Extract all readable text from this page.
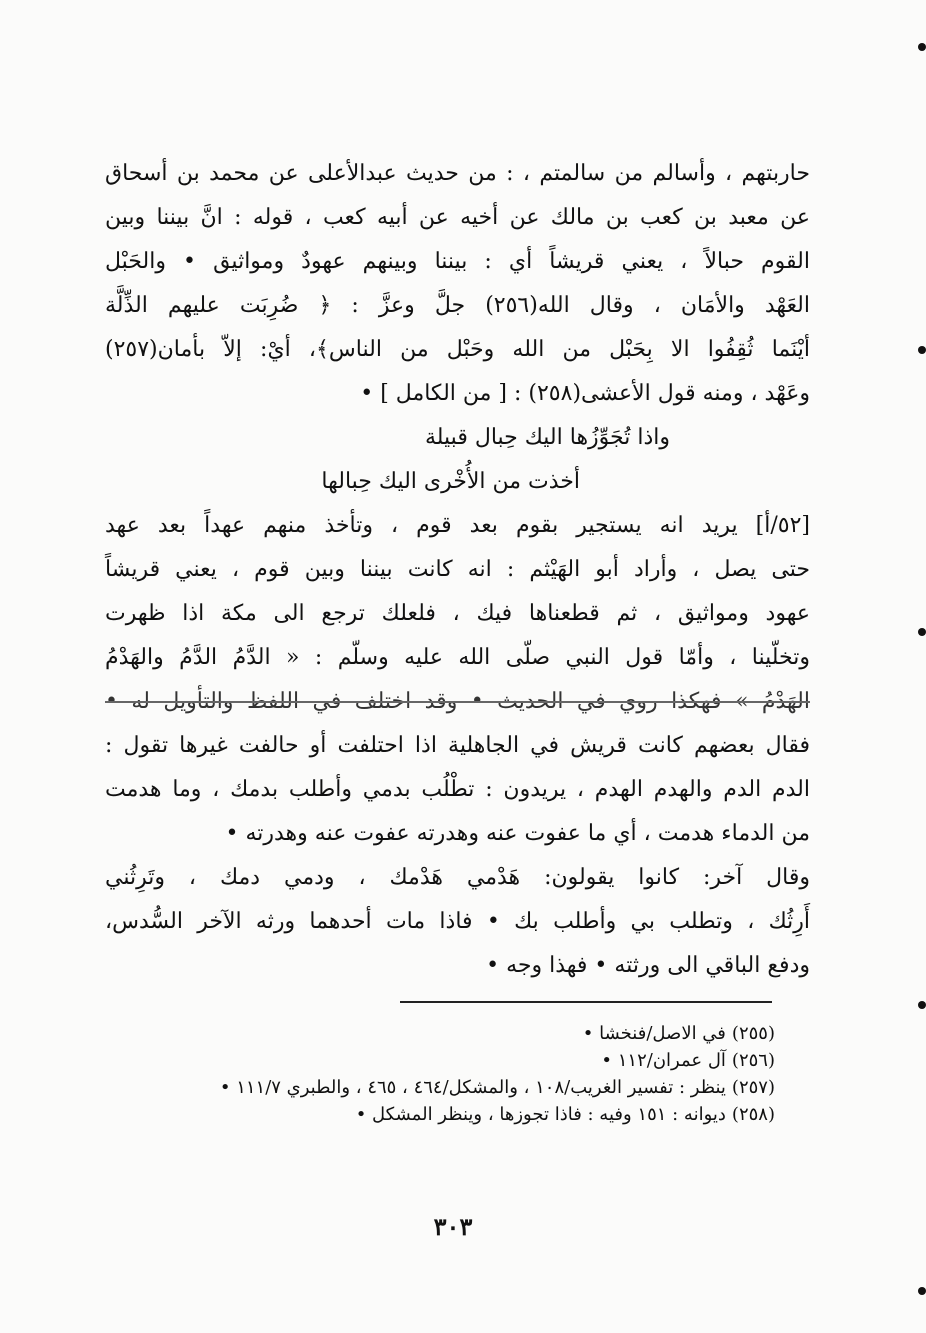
حاربتهم ، وأسالم من سالمتم ، : من حديث عبدالأعلى عن محمد بن أسحاق
عن معبد بن كعب بن مالك عن أخيه عن أبيه كعب ، قوله : انَّ بيننا وبين
القوم حبالاً ، يعني قريشاً أي : بيننا وبينهم عهودٌ ومواثيق • والحَبْل
العَهْد والأمَان ، وقال الله(٢٥٦) جلَّ وعزَّ : ﴿ ضُرِبَت عليهم الذِّلَّة
أيْنَما ثُقِفُوا الا بِحَبْل من الله وحَبْل من الناس﴾، أيْ: إلاّ بأمان(٢٥٧)
وعَهْد ، ومنه قول الأعشى(٢٥٨) : [ من الكامل ] •
واذا تُجَوِّزُها اليك حِبال قبيلة
أخذت من الأُخْرى اليك حِبالها
[٥٢/أ] يريد انه يستجير بقوم بعد قوم ، وتأخذ منهم عهداً بعد عهد
حتى يصل ، وأراد أبو الهَيْثم : انه كانت بيننا وبين قوم ، يعني قريشاً
عهود ومواثيق ، ثم قطعناها فيك ، فلعلك ترجع الى مكة اذا ظهرت
وتخلّينا ، وأمّا قول النبي صلّى الله عليه وسلّم : « الدَّمُ الدَّمُ والهَدْمُ
الهَدْمُ » فهكذا روي في الحديث • وقد اختلف في اللفظ والتأويل له •
فقال بعضهم كانت قريش في الجاهلية اذا احتلفت أو حالفت غيرها تقول :
الدم الدم والهدم الهدم ، يريدون : تطْلُب بدمي وأطلب بدمك ، وما هدمت
من الدماء هدمت ، أي ما عفوت عنه وهدرته عفوت عنه وهدرته •
وقال آخر: كانوا يقولون: هَدْمي هَدْمك ، ودمي دمك ، وتَرِثُني
أَرِثُك ، وتطلب بي وأطلب بك • فاذا مات أحدهما ورثه الآخر السُّدس،
ودفع الباقي الى ورثته • فهذا وجه •
(٢٥٥)في الاصل/فنخشا •
(٢٥٦)آل عمران/١١٢ •
(٢٥٧)ينظر : تفسير الغريب/١٠٨ ، والمشكل/٤٦٤ ، ٤٦٥ ، والطبري ١١١/٧ •
(٢٥٨)ديوانه : ١٥١ وفيه : فاذا تجوزها ، وينظر المشكل •
٣٠٣
